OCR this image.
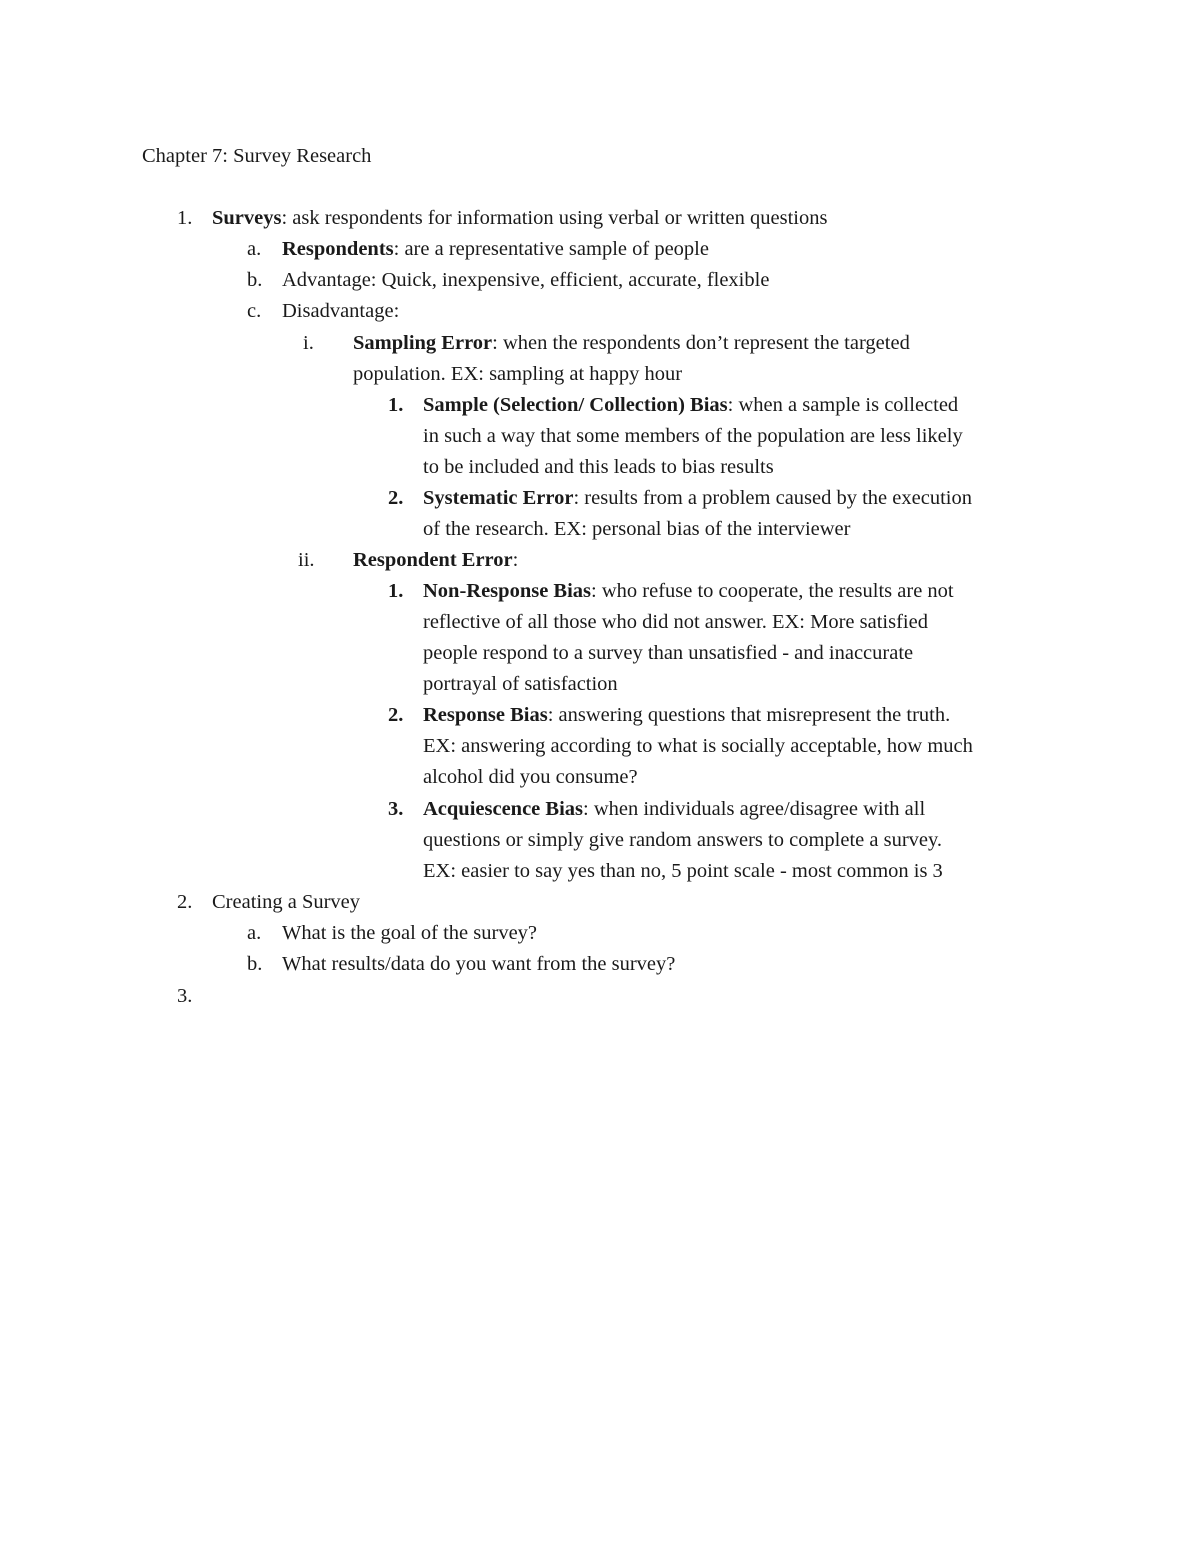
Chapter 7: Survey Research
1. Surveys: ask respondents for information using verbal or written questions
a. Respondents: are a representative sample of people
b. Advantage: Quick, inexpensive, efficient, accurate, flexible
c. Disadvantage:
i. Sampling Error: when the respondents don’t represent the targeted
population. EX: sampling at happy hour
1. Sample (Selection/ Collection) Bias: when a sample is collected
in such a way that some members of the population are less likely
to be included and this leads to bias results
2. Systematic Error: results from a problem caused by the execution
of the research. EX: personal bias of the interviewer
ii. Respondent Error:
1. Non-Response Bias: who refuse to cooperate, the results are not
reflective of all those who did not answer. EX: More satisfied
people respond to a survey than unsatisfied - and inaccurate
portrayal of satisfaction
2. Response Bias: answering questions that misrepresent the truth.
EX: answering according to what is socially acceptable, how much
alcohol did you consume?
3. Acquiescence Bias: when individuals agree/disagree with all
questions or simply give random answers to complete a survey.
EX: easier to say yes than no, 5 point scale - most common is 3
2. Creating a Survey
a. What is the goal of the survey?
b. What results/data do you want from the survey?
3.
